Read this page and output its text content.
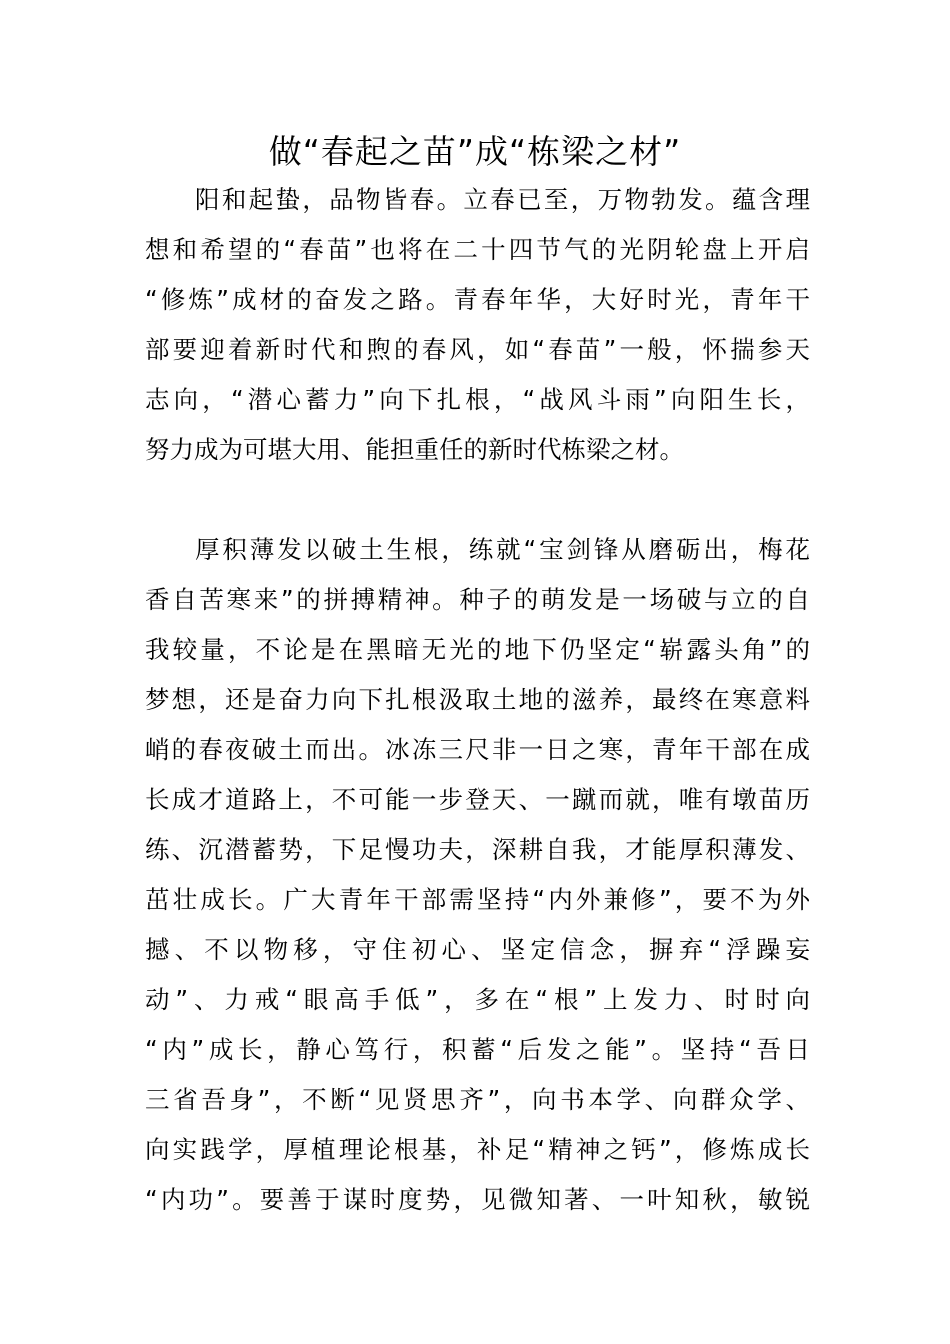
做“春起之苗”成“栋梁之材”
阳和起蛰，品物皆春。立春已至，万物勃发。蕴含理
想和希望的“春苗”也将在二十四节气的光阴轮盘上开启
“修炼”成材的奋发之路。青春年华，大好时光，青年干
部要迎着新时代和煦的春风，如“春苗”一般，怀揣参天
志向，“潜心蓄力”向下扎根，“战风斗雨”向阳生长，
努力成为可堪大用、能担重任的新时代栋梁之材。
厚积薄发以破土生根，练就“宝剑锋从磨砺出，梅花
香自苦寒来”的拼搏精神。种子的萌发是一场破与立的自
我较量，不论是在黑暗无光的地下仍坚定“崭露头角”的
梦想，还是奋力向下扎根汲取土地的滋养，最终在寒意料
峭的春夜破土而出。冰冻三尺非一日之寒，青年干部在成
长成才道路上，不可能一步登天、一蹴而就，唯有墩苗历
练、沉潜蓄势，下足慢功夫，深耕自我，才能厚积薄发、
茁壮成长。广大青年干部需坚持“内外兼修”，要不为外
撼、不以物移，守住初心、坚定信念，摒弃“浮躁妄
动”、力戒“眼高手低”，多在“根”上发力、时时向
“内”成长，静心笃行，积蓄“后发之能”。坚持“吾日
三省吾身”，不断“见贤思齐”，向书本学、向群众学、
向实践学，厚植理论根基，补足“精神之钙”，修炼成长
“内功”。要善于谋时度势，见微知著、一叶知秋，敏锐
